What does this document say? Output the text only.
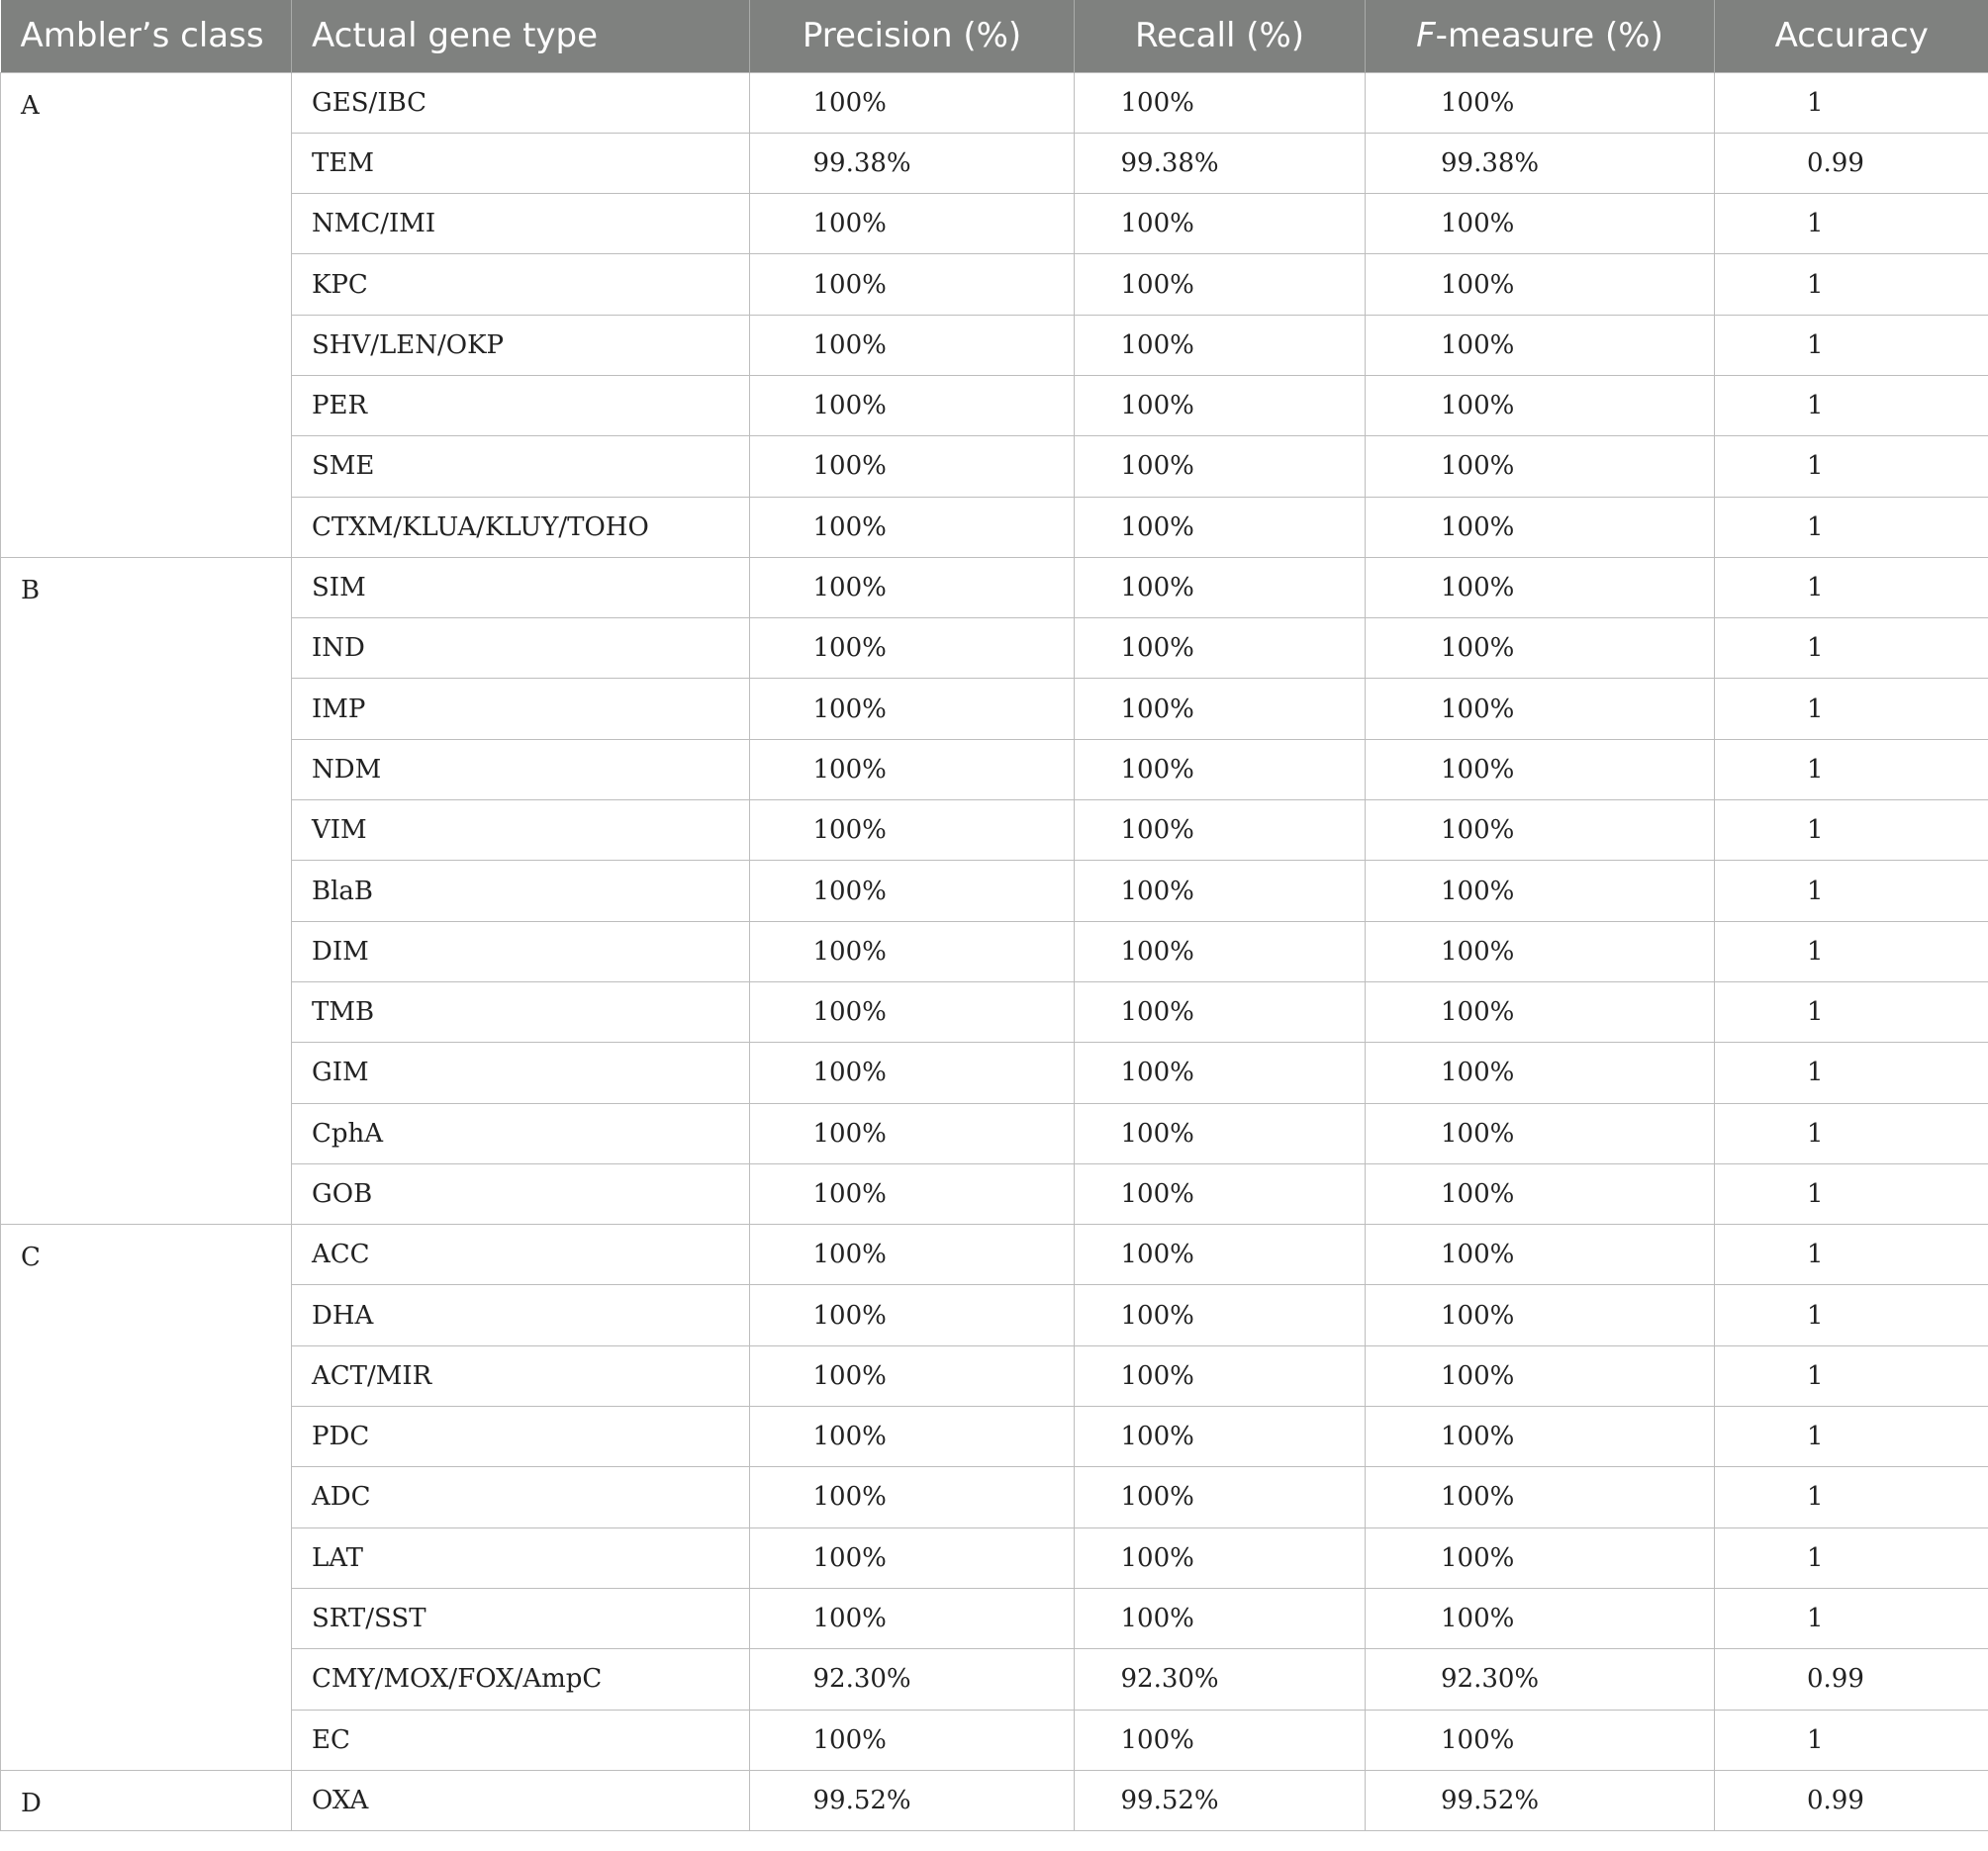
Ambler’s class	Actual gene type	Precision (%)	Recall (%)	F-measure (%)	Accuracy
A	GES/IBC	100%	100%	100%	1
	TEM	99.38%	99.38%	99.38%	0.99
	NMC/IMI	100%	100%	100%	1
	KPC	100%	100%	100%	1
	SHV/LEN/OKP	100%	100%	100%	1
	PER	100%	100%	100%	1
	SME	100%	100%	100%	1
	CTXM/KLUA/KLUY/TOHO	100%	100%	100%	1
B	SIM	100%	100%	100%	1
	IND	100%	100%	100%	1
	IMP	100%	100%	100%	1
	NDM	100%	100%	100%	1
	VIM	100%	100%	100%	1
	BlaB	100%	100%	100%	1
	DIM	100%	100%	100%	1
	TMB	100%	100%	100%	1
	GIM	100%	100%	100%	1
	CphA	100%	100%	100%	1
	GOB	100%	100%	100%	1
C	ACC	100%	100%	100%	1
	DHA	100%	100%	100%	1
	ACT/MIR	100%	100%	100%	1
	PDC	100%	100%	100%	1
	ADC	100%	100%	100%	1
	LAT	100%	100%	100%	1
	SRT/SST	100%	100%	100%	1
	CMY/MOX/FOX/AmpC	92.30%	92.30%	92.30%	0.99
	EC	100%	100%	100%	1
D	OXA	99.52%	99.52%	99.52%	0.99
